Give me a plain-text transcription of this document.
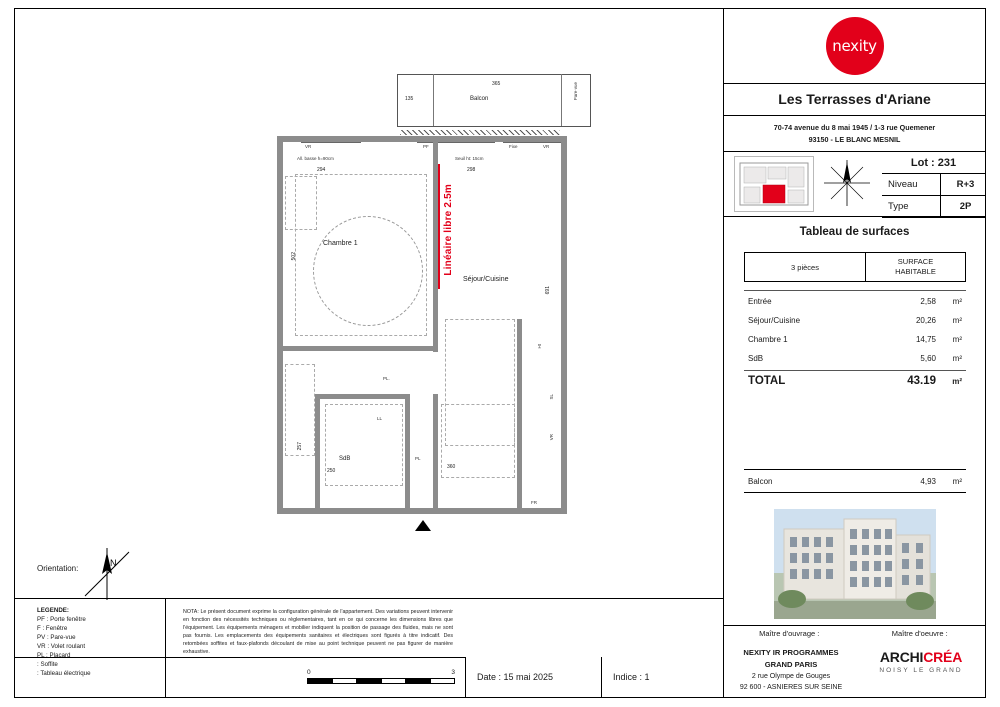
Balcon
365
135	Pare-vue
VR	PF	Fixe	VR
All. basse h=90cm
294
Seuil ht: 15cm
298
Chambre 1
Séjour/Cuisine
SdB
502
691
257
250
360
PL.
PL
LL
FR
SL
Ht
VR
Linéaire libre 2.5m
Orientation:
N
LEGENDE:
PF : Porte fenêtre
F : Fenêtre
PV : Pare-vue
VR : Volet roulant
PL : Placard
: Soffite
: Tableau électrique
NOTA: Le présent document exprime la configuration générale de l'appartement. Des variations peuvent intervenir en fonction des nécessités techniques ou règlementaires, tant en ce qui concerne les dimensions libres que l'équipement. Les équipements ménagers et mobilier indiquent la position de passage des fluides, mais ne sont pas fournis. Les emplacements des équipements sanitaires et électriques sont figurés à titre indicatif. Des retombées soffites et faux-plafonds découlant de mise au point technique peuvent ne pas figurer de manière exhaustive.
0	3 Date : 15 mai 2025	Indice : 1
nexity
Les Terrasses d'Ariane
70-74 avenue du 8 mai 1945 / 1-3 rue Quemener
93150 - LE BLANC MESNIL
Lot : 231
Niveau	R+3
Type	2P
Tableau de surfaces
3 pièces
SURFACE
HABITABLE
Entrée	2,58	m²
Séjour/Cuisine	20,26	m²
Chambre 1	14,75	m²
SdB	5,60	m²
TOTAL	43.19	m²
Balcon	4,93	m²
Maître d'ouvrage :	Maître d'oeuvre :
NEXITY IR PROGRAMMES
GRAND PARIS
2 rue Olympe de Gouges
92 600 - ASNIERES SUR SEINE
ARCHICRÉA
NOISY LE GRAND
